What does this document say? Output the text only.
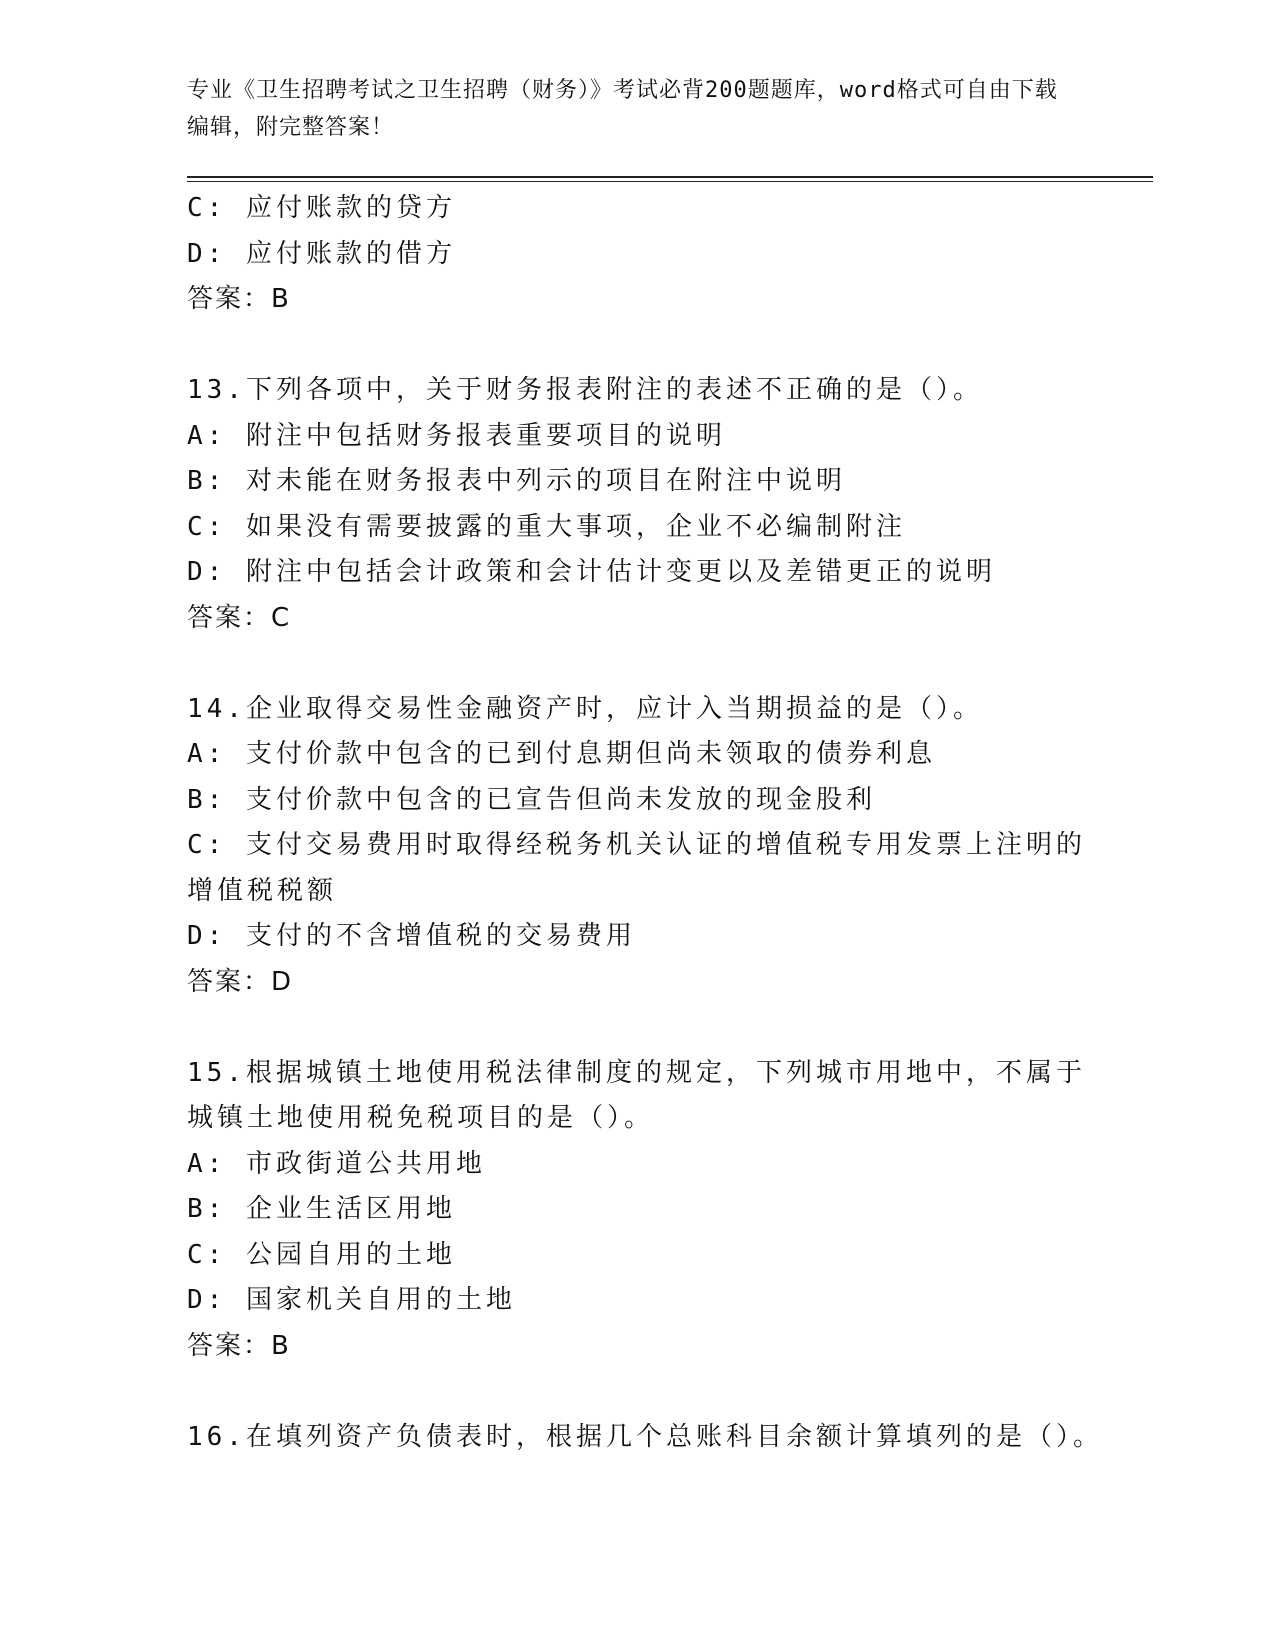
专业《卫生招聘考试之卫生招聘（财务）》考试必背200题题库，word格式可自由下载编辑，附完整答案！
C: 应付账款的贷方
D: 应付账款的借方
答案：B
13.下列各项中，关于财务报表附注的表述不正确的是（）。
A: 附注中包括财务报表重要项目的说明
B: 对未能在财务报表中列示的项目在附注中说明
C: 如果没有需要披露的重大事项，企业不必编制附注
D: 附注中包括会计政策和会计估计变更以及差错更正的说明
答案：C
14.企业取得交易性金融资产时，应计入当期损益的是（）。
A: 支付价款中包含的已到付息期但尚未领取的债券利息
B: 支付价款中包含的已宣告但尚未发放的现金股利
C: 支付交易费用时取得经税务机关认证的增值税专用发票上注明的增值税税额
D: 支付的不含增值税的交易费用
答案：D
15.根据城镇土地使用税法律制度的规定，下列城市用地中，不属于城镇土地使用税免税项目的是（）。
A: 市政街道公共用地
B: 企业生活区用地
C: 公园自用的土地
D: 国家机关自用的土地
答案：B
16.在填列资产负债表时，根据几个总账科目余额计算填列的是（）。
